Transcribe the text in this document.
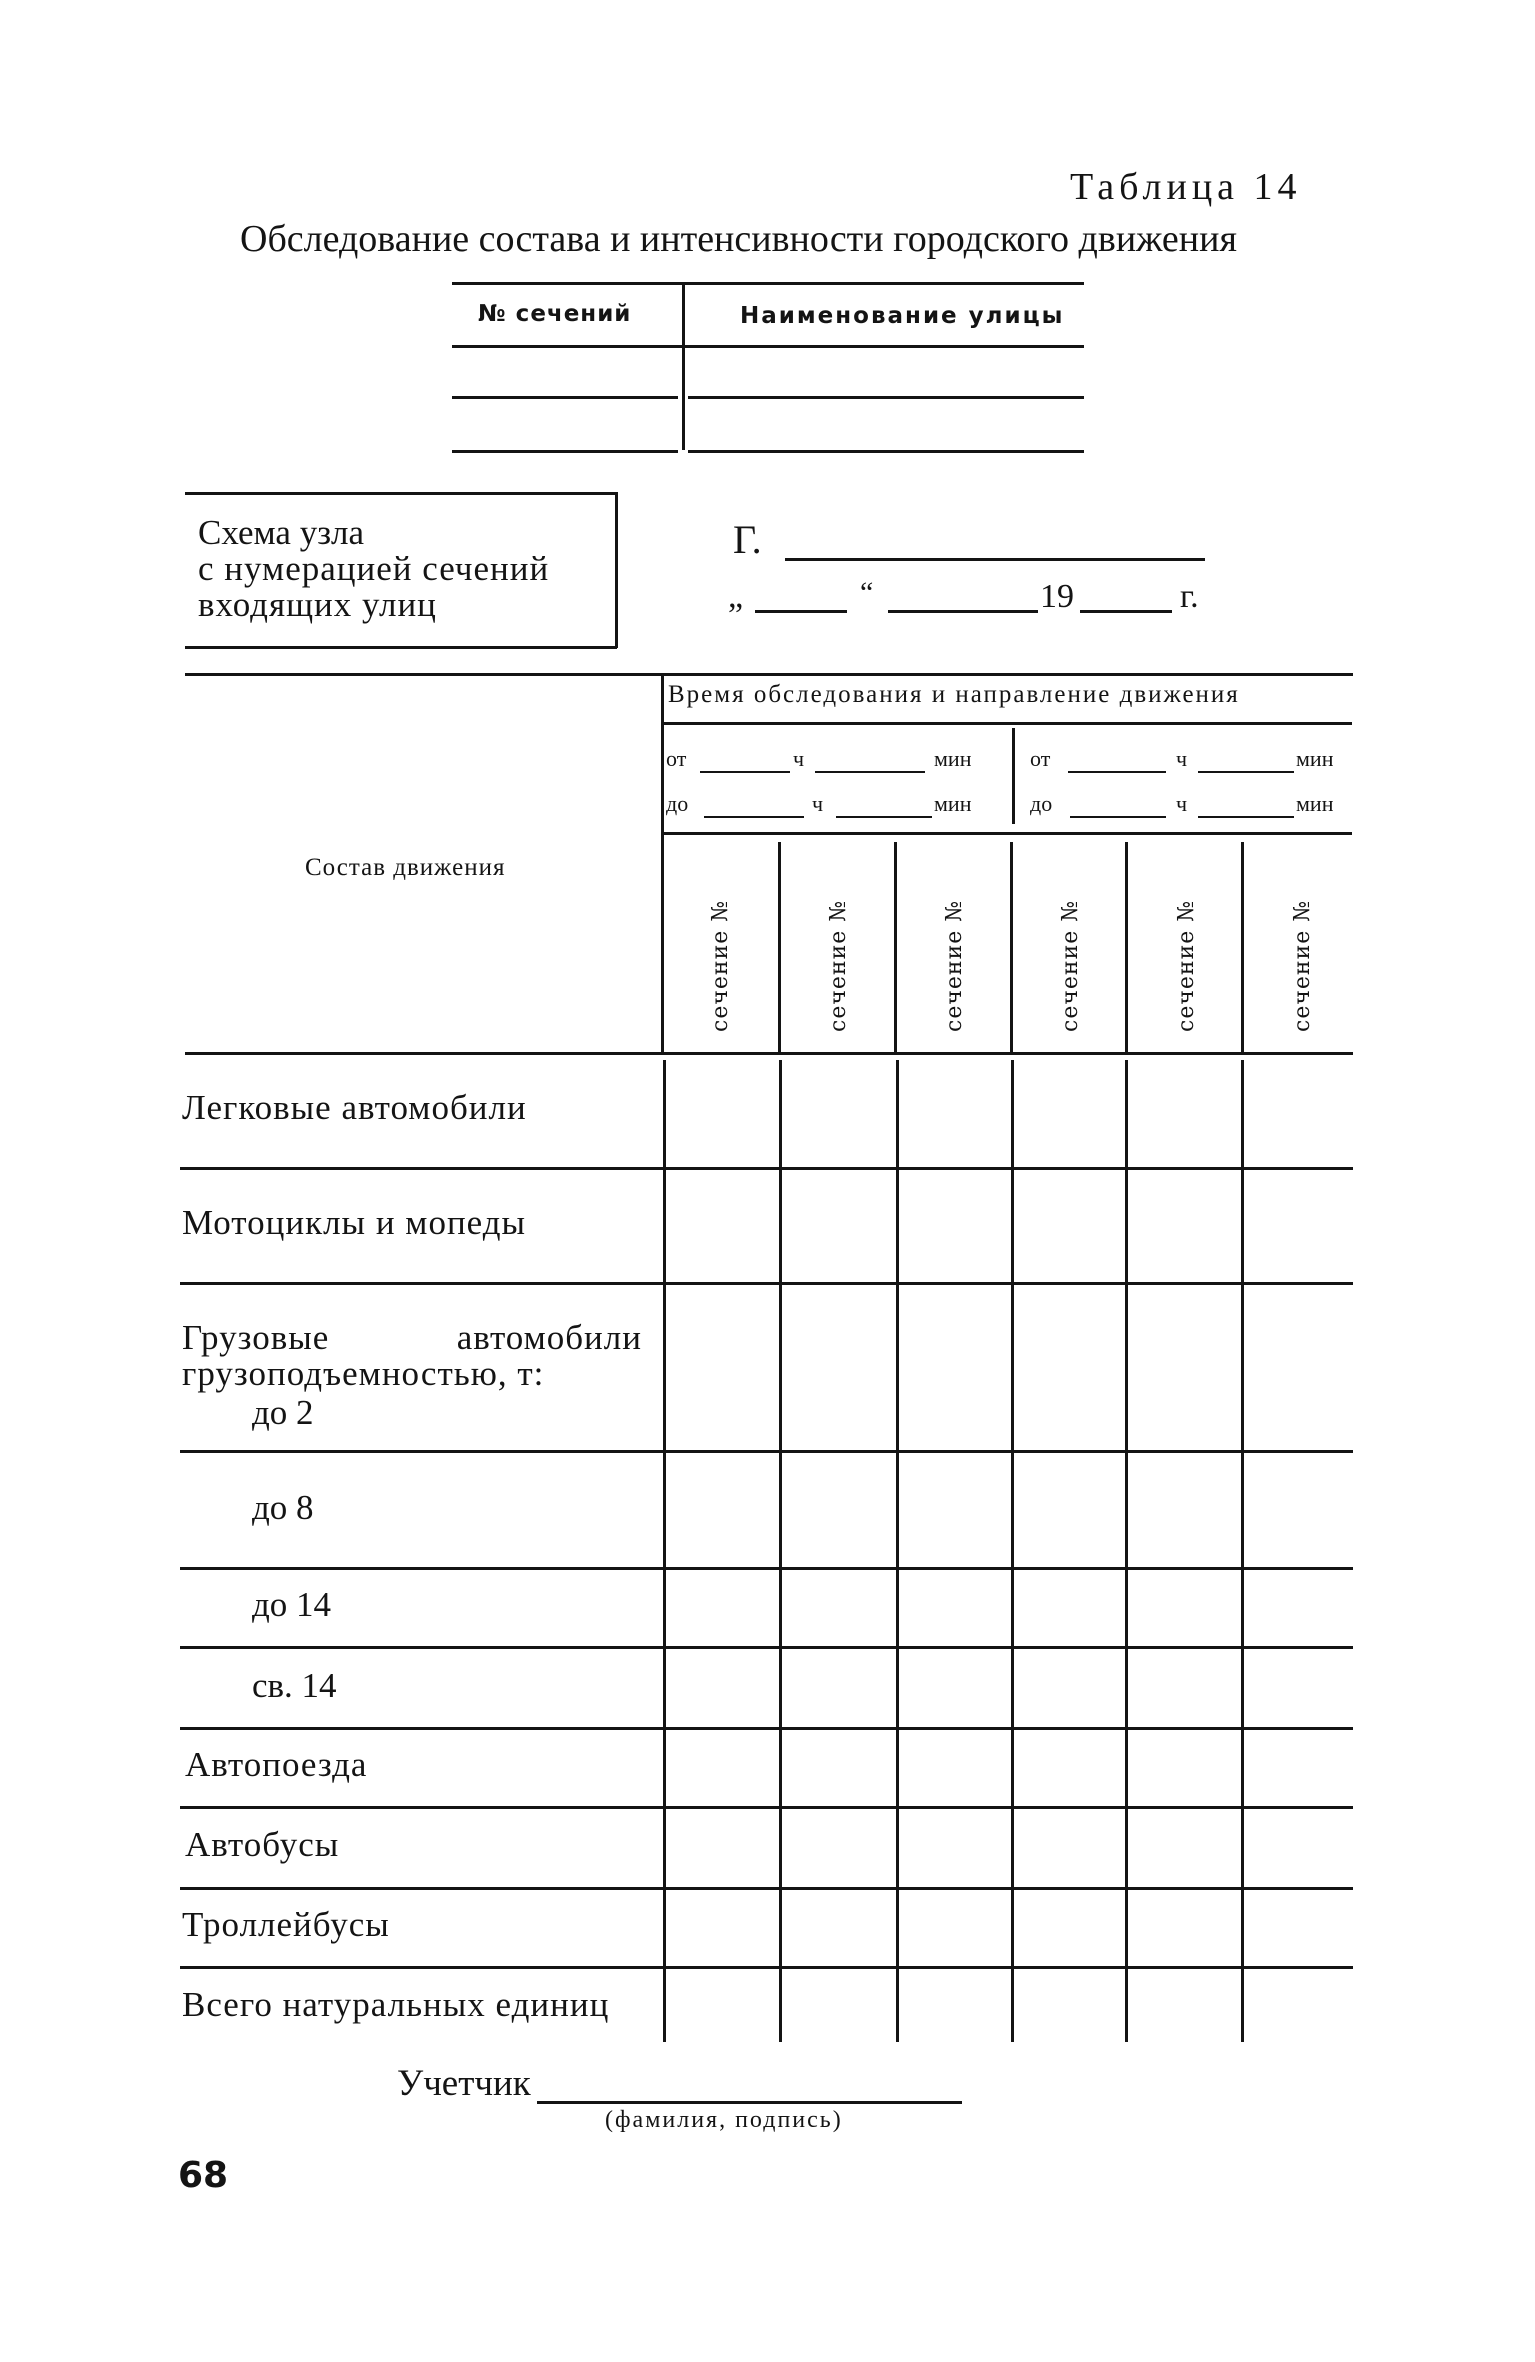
Таблица 14
Обследование состава и интенсивности городского движения
№ сечений	Наименование улицы
Схема узла
с нумерацией сечений
входящих улиц
Г.
„	“	19	г.
Время обследования и направление движения
Состав движения
от	ч	мин
до	ч	мин
от	ч	мин
до	ч	мин
сечение №	сечение №	сечение №	сечение №	сечение №	сечение №
Легковые автомобили
Мотоциклы и мопеды
Грузовые автомобили грузоподъемностью, т:
до 2
до 8
до 14
св. 14
Автопоезда
Автобусы
Троллейбусы
Всего натуральных единиц
Учетчик
(фамилия, подпись)
68
